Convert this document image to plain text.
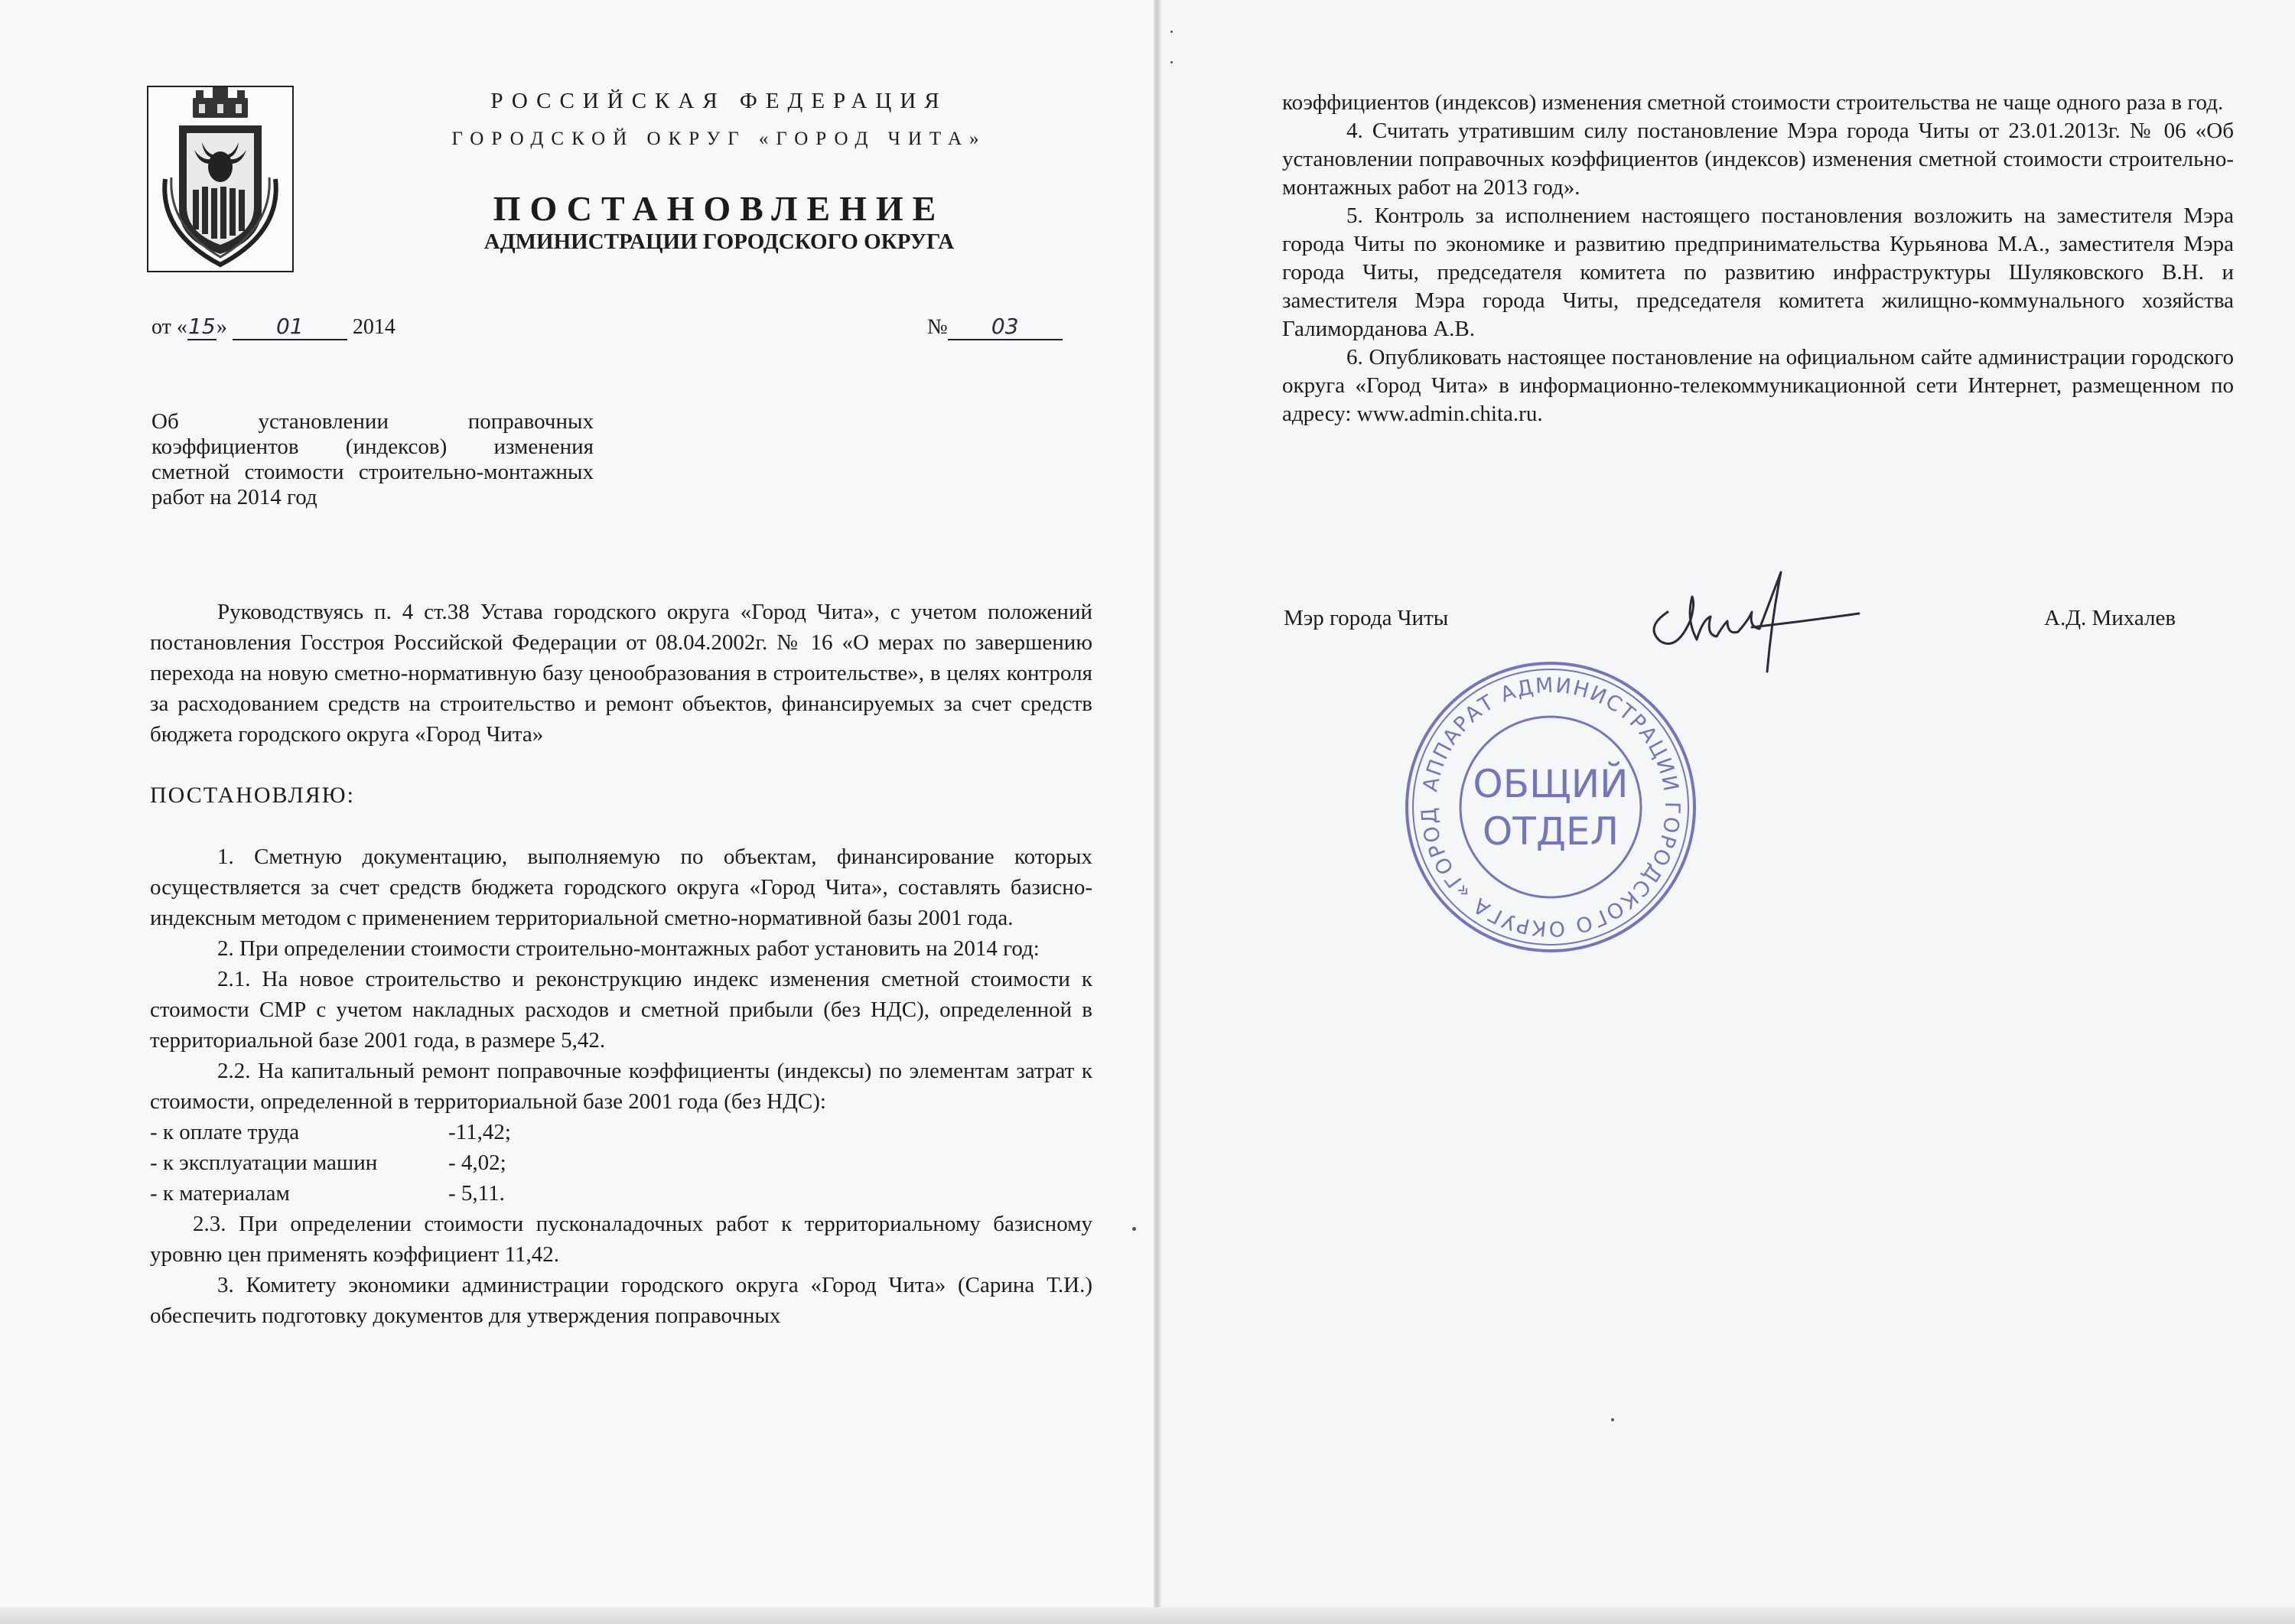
РОССИЙСКАЯ ФЕДЕРАЦИЯ
ГОРОДСКОЙ ОКРУГ «ГОРОД ЧИТА»
ПОСТАНОВЛЕНИЕ
АДМИНИСТРАЦИИ ГОРОДСКОГО ОКРУГА
от «15» 01 2014	№ 03
Об установлении поправочных коэффициентов (индексов) изменения сметной стоимости строительно-монтажных работ на 2014 год

Руководствуясь п. 4 ст.38 Устава городского округа «Город Чита», с учетом положений постановления Госстроя Российской Федерации от 08.04.2002г. № 16 «О мерах по завершению перехода на новую сметно-нормативную базу ценообразования в строительстве», в целях контроля за расходованием средств на строительство и ремонт объектов, финансируемых за счет средств бюджета городского округа «Город Чита»

ПОСТАНОВЛЯЮ:

1. Сметную документацию, выполняемую по объектам, финансирование которых осуществляется за счет средств бюджета городского округа «Город Чита», составлять базисно-индексным методом с применением территориальной сметно-нормативной базы 2001 года.

2. При определении стоимости строительно-монтажных работ установить на 2014 год:

2.1. На новое строительство и реконструкцию индекс изменения сметной стоимости к стоимости СМР с учетом накладных расходов и сметной прибыли (без НДС), определенной в территориальной базе 2001 года, в размере 5,42.

2.2. На капитальный ремонт поправочные коэффициенты (индексы) по элементам затрат к стоимости, определенной в территориальной базе 2001 года (без НДС):

- к оплате труда	-11,42;
- к эксплуатации машин	- 4,02;
- к материалам	- 5,11.

2.3. При определении стоимости пусконаладочных работ к территориальному базисному уровню цен применять коэффициент 11,42.

3. Комитету экономики администрации городского округа «Город Чита» (Сарина Т.И.) обеспечить подготовку документов для утверждения поправочных

коэффициентов (индексов) изменения сметной стоимости строительства не чаще одного раза в год.

4. Считать утратившим силу постановление Мэра города Читы от 23.01.2013г. № 06 «Об установлении поправочных коэффициентов (индексов) изменения сметной стоимости строительно-монтажных работ на 2013 год».

5. Контроль за исполнением настоящего постановления возложить на заместителя Мэра города Читы по экономике и развитию предпринимательства Курьянова М.А., заместителя Мэра города Читы, председателя комитета по развитию инфраструктуры Шуляковского В.Н. и заместителя Мэра города Читы, председателя комитета жилищно-коммунального хозяйства Галиморданова А.В.

6. Опубликовать настоящее постановление на официальном сайте администрации городского округа «Город Чита» в информационно-телекоммуникационной сети Интернет, размещенном по адресу: www.admin.chita.ru.

Мэр города Читы	А.Д. Михалев
АППАРАТ АДМИНИСТРАЦИИ ГОРОДСКОГО ОКРУГА «ГОРОД
ОБЩИЙ
ОТДЕЛ
